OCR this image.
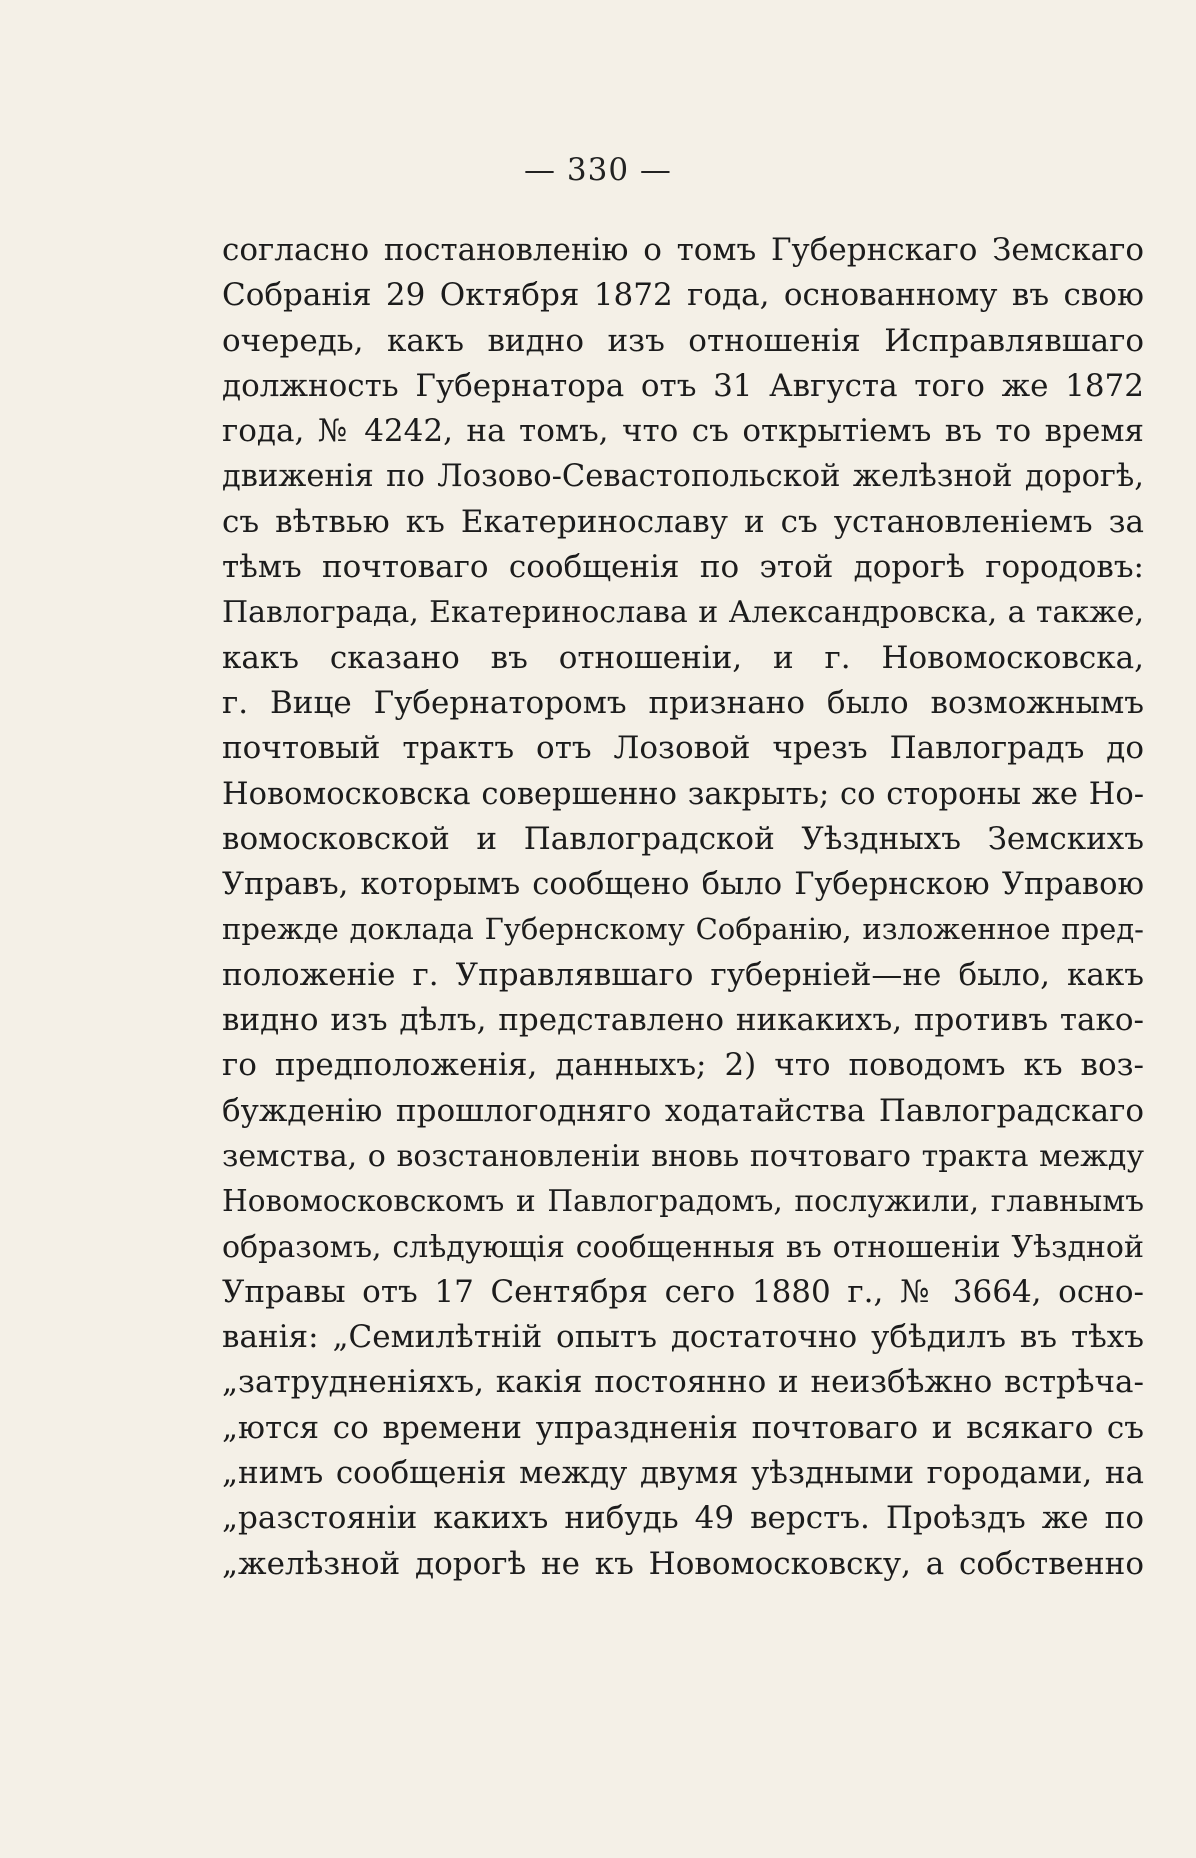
— 330 —
согласно постановленію о томъ Губернскаго Земскаго
Собранія 29 Октября 1872 года, основанному въ свою
очередь, какъ видно изъ отношенія Исправлявшаго
должность Губернатора отъ 31 Августа того же 1872
года, № 4242, на томъ, что съ открытіемъ въ то время
движенія по Лозово-Севастопольской желѣзной дорогѣ,
съ вѣтвью къ Екатеринославу и съ установленіемъ за
тѣмъ почтоваго сообщенія по этой дорогѣ городовъ:
Павлограда, Екатеринослава и Александровска, а также,
какъ сказано въ отношеніи, и г. Новомосковска,
г. Вице Губернаторомъ признано было возможнымъ
почтовый трактъ отъ Лозовой чрезъ Павлоградъ до
Новомосковска совершенно закрыть; со стороны же Но-
вомосковской и Павлоградской Уѣздныхъ Земскихъ
Управъ, которымъ сообщено было Губернскою Управою
прежде доклада Губернскому Собранію, изложенное пред-
положеніе г. Управлявшаго губерніей—не было, какъ
видно изъ дѣлъ, представлено никакихъ, противъ тако-
го предположенія, данныхъ; 2) что поводомъ къ воз-
бужденію прошлогодняго ходатайства Павлоградскаго
земства, о возстановленіи вновь почтоваго тракта между
Новомосковскомъ и Павлоградомъ, послужили, главнымъ
образомъ, слѣдующія сообщенныя въ отношеніи Уѣздной
Управы отъ 17 Сентября сего 1880 г., № 3664, осно-
ванія: „Семилѣтній опытъ достаточно убѣдилъ въ тѣхъ
„затрудненіяхъ, какія постоянно и неизбѣжно встрѣча-
„ются со времени упраздненія почтоваго и всякаго съ
„нимъ сообщенія между двумя уѣздными городами, на
„разстояніи какихъ нибудь 49 верстъ. Проѣздъ же по
„желѣзной дорогѣ не къ Новомосковску, а собственно
